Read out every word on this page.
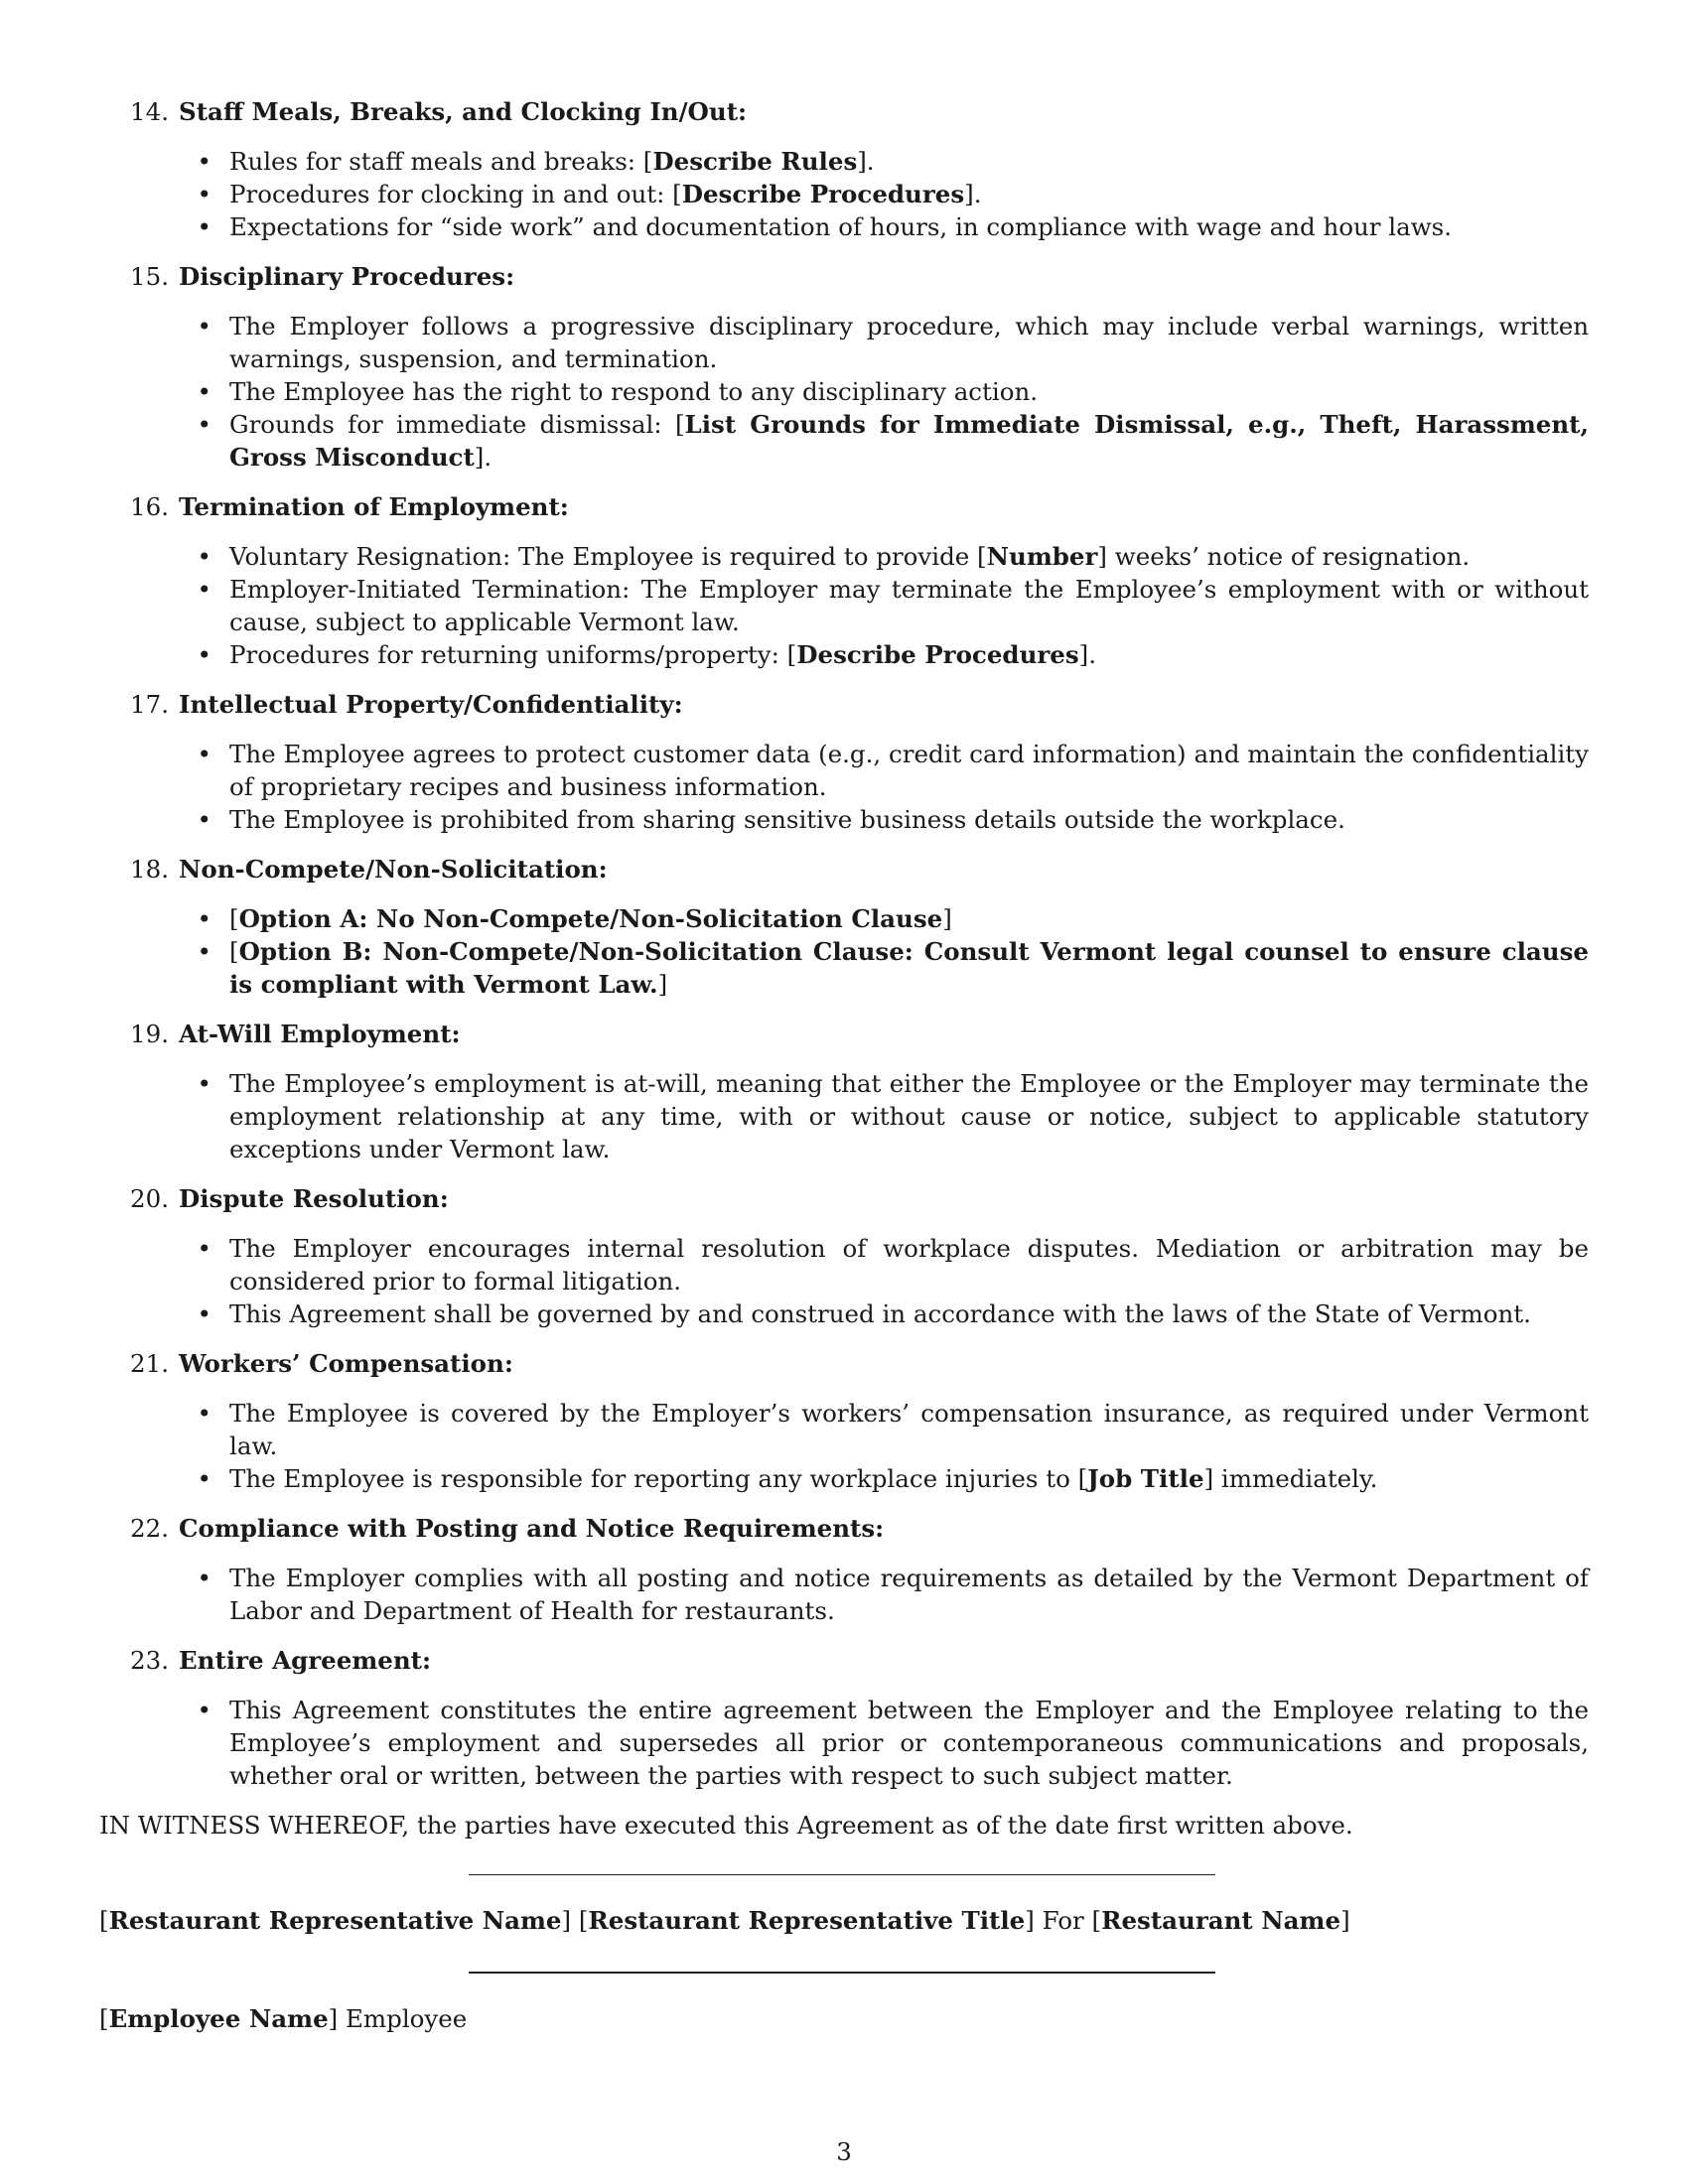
14. Staff Meals, Breaks, and Clocking In/Out:
•
Rules for staff meals and breaks: [Describe Rules].
•
Procedures for clocking in and out: [Describe Procedures].
•
Expectations for “side work” and documentation of hours, in compliance with wage and hour laws.
15. Disciplinary Procedures:
•
The Employer follows a progressive disciplinary procedure, which may include verbal warnings, written warnings, suspension, and termination.
•
The Employee has the right to respond to any disciplinary action.
•
Grounds for immediate dismissal: [List Grounds for Immediate Dismissal, e.g., Theft, Harassment, Gross Misconduct].
16. Termination of Employment:
•
Voluntary Resignation: The Employee is required to provide [Number] weeks’ notice of resignation.
•
Employer-Initiated Termination: The Employer may terminate the Employee’s employment with or without cause, subject to applicable Vermont law.
•
Procedures for returning uniforms/property: [Describe Procedures].
17. Intellectual Property/Confidentiality:
•
The Employee agrees to protect customer data (e.g., credit card information) and maintain the confidentiality of proprietary recipes and business information.
•
The Employee is prohibited from sharing sensitive business details outside the workplace.
18. Non-Compete/Non-Solicitation:
•
[Option A: No Non-Compete/Non-Solicitation Clause]
•
[Option B: Non-Compete/Non-Solicitation Clause: Consult Vermont legal counsel to ensure clause is compliant with Vermont Law.]
19. At-Will Employment:
•
The Employee’s employment is at-will, meaning that either the Employee or the Employer may terminate the employment relationship at any time, with or without cause or notice, subject to applicable statutory exceptions under Vermont law.
20. Dispute Resolution:
•
The Employer encourages internal resolution of workplace disputes. Mediation or arbitration may be considered prior to formal litigation.
•
This Agreement shall be governed by and construed in accordance with the laws of the State of Vermont.
21. Workers’ Compensation:
•
The Employee is covered by the Employer’s workers’ compensation insurance, as required under Vermont law.
•
The Employee is responsible for reporting any workplace injuries to [Job Title] immediately.
22. Compliance with Posting and Notice Requirements:
•
The Employer complies with all posting and notice requirements as detailed by the Vermont Department of Labor and Department of Health for restaurants.
23. Entire Agreement:
•
This Agreement constitutes the entire agreement between the Employer and the Employee relating to the Employee’s employment and supersedes all prior or contemporaneous communications and proposals, whether oral or written, between the parties with respect to such subject matter.
IN WITNESS WHEREOF, the parties have executed this Agreement as of the date first written above.
[Restaurant Representative Name] [Restaurant Representative Title] For [Restaurant Name]
[Employee Name] Employee
3
